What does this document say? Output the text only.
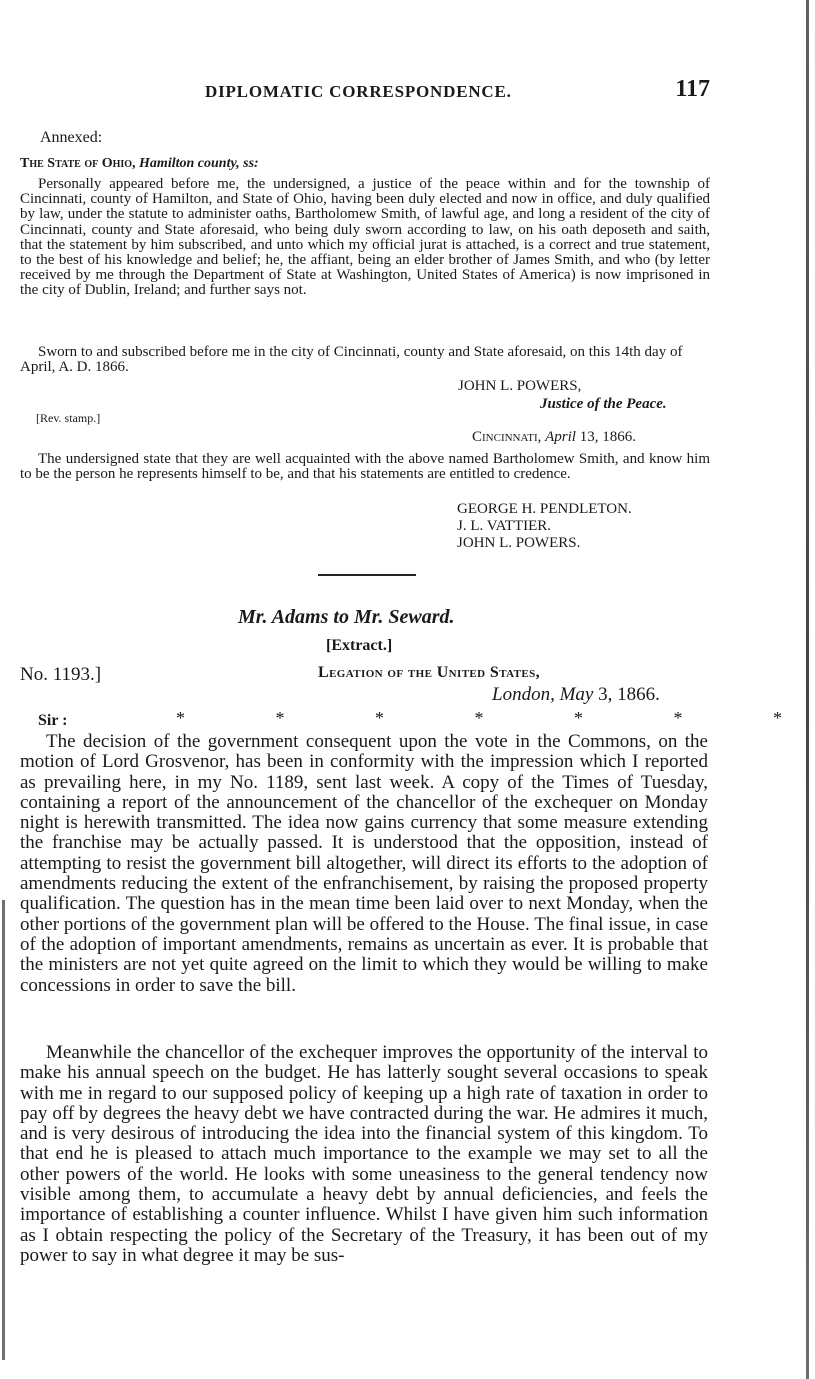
DIPLOMATIC CORRESPONDENCE.	117
Annexed:
The State of Ohio, Hamilton county, ss:
Personally appeared before me, the undersigned, a justice of the peace within and for the township of Cincinnati, county of Hamilton, and State of Ohio, having been duly elected and now in office, and duly qualified by law, under the statute to administer oaths, Bartholomew Smith, of lawful age, and long a resident of the city of Cincinnati, county and State aforesaid, who being duly sworn according to law, on his oath deposeth and saith, that the statement by him subscribed, and unto which my official jurat is attached, is a correct and true statement, to the best of his knowledge and belief; he, the affiant, being an elder brother of James Smith, and who (by letter received by me through the Department of State at Washington, United States of America) is now imprisoned in the city of Dublin, Ireland; and further says not.
Sworn to and subscribed before me in the city of Cincinnati, county and State aforesaid, on this 14th day of April, A. D. 1866.
JOHN L. POWERS,
Justice of the Peace.
[Rev. stamp.]
Cincinnati, April 13, 1866.
The undersigned state that they are well acquainted with the above named Bartholomew Smith, and know him to be the person he represents himself to be, and that his statements are entitled to credence.
GEORGE H. PENDLETON.
J. L. VATTIER.
JOHN L. POWERS.
Mr. Adams to Mr. Seward.
[Extract.]
No. 1193.]	Legation of the United States,
London, May 3, 1866.
Sir :	* * * * * * *
The decision of the government consequent upon the vote in the Commons, on the motion of Lord Grosvenor, has been in conformity with the impression which I reported as prevailing here, in my No. 1189, sent last week. A copy of the Times of Tuesday, containing a report of the announcement of the chancellor of the exchequer on Monday night is herewith transmitted. The idea now gains currency that some measure extending the franchise may be actually passed. It is understood that the opposition, instead of attempting to resist the government bill altogether, will direct its efforts to the adoption of amendments reducing the extent of the enfranchisement, by raising the proposed property qualification. The question has in the mean time been laid over to next Monday, when the other portions of the government plan will be offered to the House. The final issue, in case of the adoption of important amendments, remains as uncertain as ever. It is probable that the ministers are not yet quite agreed on the limit to which they would be willing to make concessions in order to save the bill.
Meanwhile the chancellor of the exchequer improves the opportunity of the interval to make his annual speech on the budget. He has latterly sought several occasions to speak with me in regard to our supposed policy of keeping up a high rate of taxation in order to pay off by degrees the heavy debt we have contracted during the war. He admires it much, and is very desirous of introducing the idea into the financial system of this kingdom. To that end he is pleased to attach much importance to the example we may set to all the other powers of the world. He looks with some uneasiness to the general tendency now visible among them, to accumulate a heavy debt by annual deficiencies, and feels the importance of establishing a counter influence. Whilst I have given him such information as I obtain respecting the policy of the Secretary of the Treasury, it has been out of my power to say in what degree it may be sus-
